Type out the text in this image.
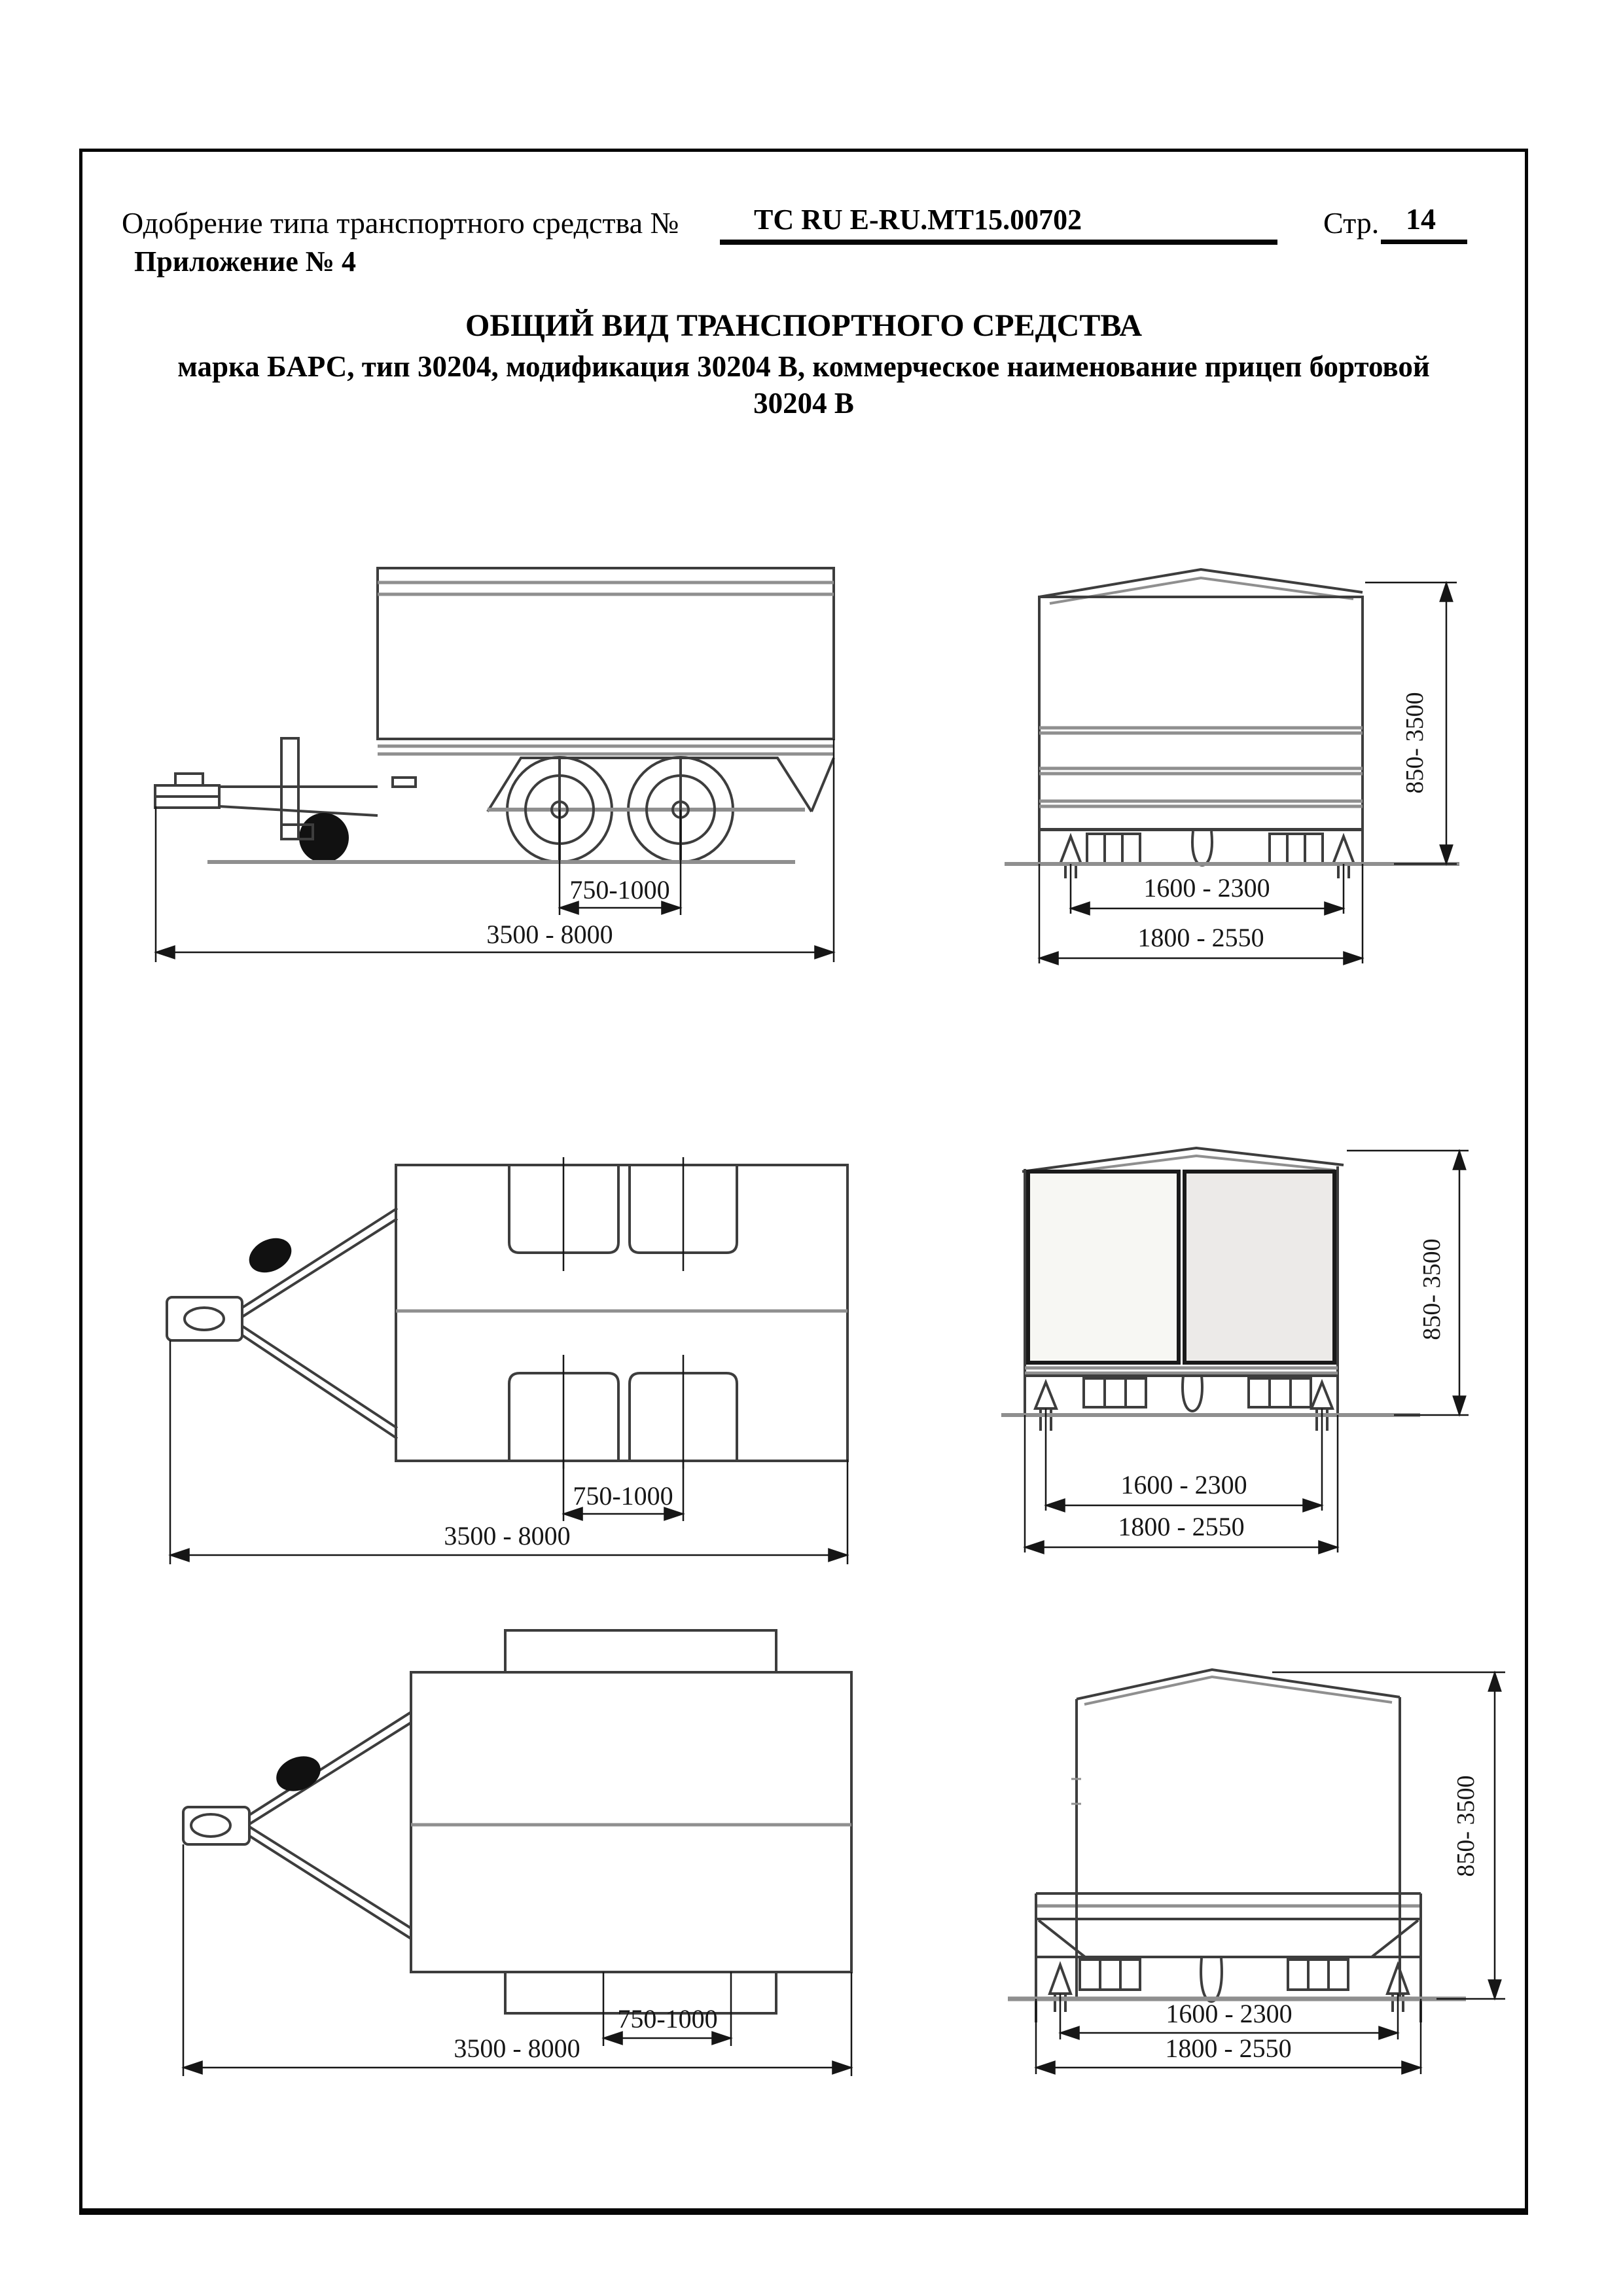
Одобрение типа транспортного средства №	ТС RU E-RU.MT15.00702	Стр. 14
Приложение № 4
ОБЩИЙ ВИД ТРАНСПОРТНОГО СРЕДСТВА
марка БАРС, тип 30204, модификация 30204 В, коммерческое наименование прицеп бортовой
30204 В
750-1000
3500 - 8000
850- 3500
1600 - 2300
1800 - 2550
750-1000
3500 - 8000
850- 3500
1600 - 2300
1800 - 2550
750-1000
3500 - 8000
850- 3500
1600 - 2300
1800 - 2550
